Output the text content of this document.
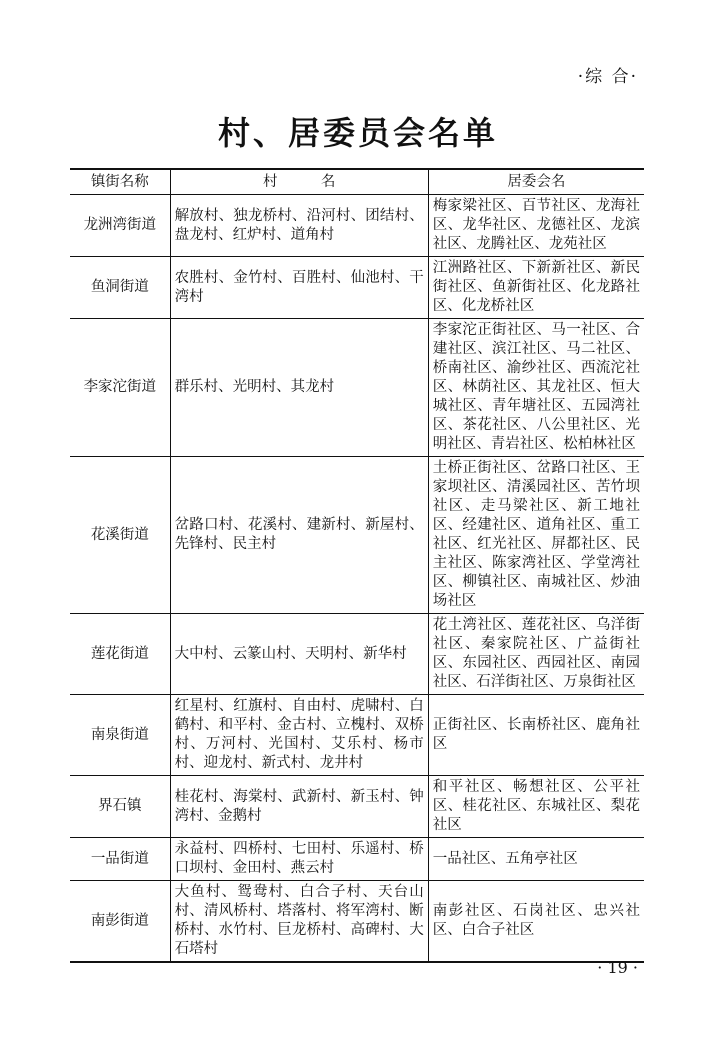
·综 合·
村、居委员会名单
镇街名称	村　　　名	居委会名
龙洲湾街道	解放村、独龙桥村、沿河村、团结村、盘龙村、红炉村、道角村	梅家梁社区、百节社区、龙海社区、龙华社区、龙德社区、龙滨社区、龙腾社区、龙苑社区
鱼洞街道	农胜村、金竹村、百胜村、仙池村、干湾村	江洲路社区、下新新社区、新民街社区、鱼新街社区、化龙路社区、化龙桥社区
李家沱街道	群乐村、光明村、其龙村	李家沱正街社区、马一社区、合建社区、滨江社区、马二社区、桥南社区、渝纱社区、西流沱社区、林荫社区、其龙社区、恒大城社区、青年塘社区、五园湾社区、茶花社区、八公里社区、光明社区、青岩社区、松柏林社区
花溪街道	岔路口村、花溪村、建新村、新屋村、先锋村、民主村	土桥正街社区、岔路口社区、王家坝社区、清溪园社区、苦竹坝社区、走马梁社区、新工地社区、经建社区、道角社区、重工社区、红光社区、屏都社区、民主社区、陈家湾社区、学堂湾社区、柳镇社区、南城社区、炒油场社区
莲花街道	大中村、云篆山村、天明村、新华村	花土湾社区、莲花社区、乌洋街社区、秦家院社区、广益街社区、东园社区、西园社区、南园社区、石洋街社区、万泉街社区
南泉街道	红星村、红旗村、自由村、虎啸村、白鹤村、和平村、金古村、立槐村、双桥村、万河村、光国村、艾乐村、杨市村、迎龙村、新式村、龙井村	正街社区、长南桥社区、鹿角社区
界石镇	桂花村、海棠村、武新村、新玉村、钟湾村、金鹅村	和平社区、畅想社区、公平社区、桂花社区、东城社区、梨花社区
一品街道	永益村、四桥村、七田村、乐遥村、桥口坝村、金田村、燕云村	一品社区、五角亭社区
南彭街道	大鱼村、鸳鸯村、白合子村、天台山村、清风桥村、塔落村、将军湾村、断桥村、水竹村、巨龙桥村、高碑村、大石塔村	南彭社区、石岗社区、忠兴社区、白合子社区
· 19 ·
